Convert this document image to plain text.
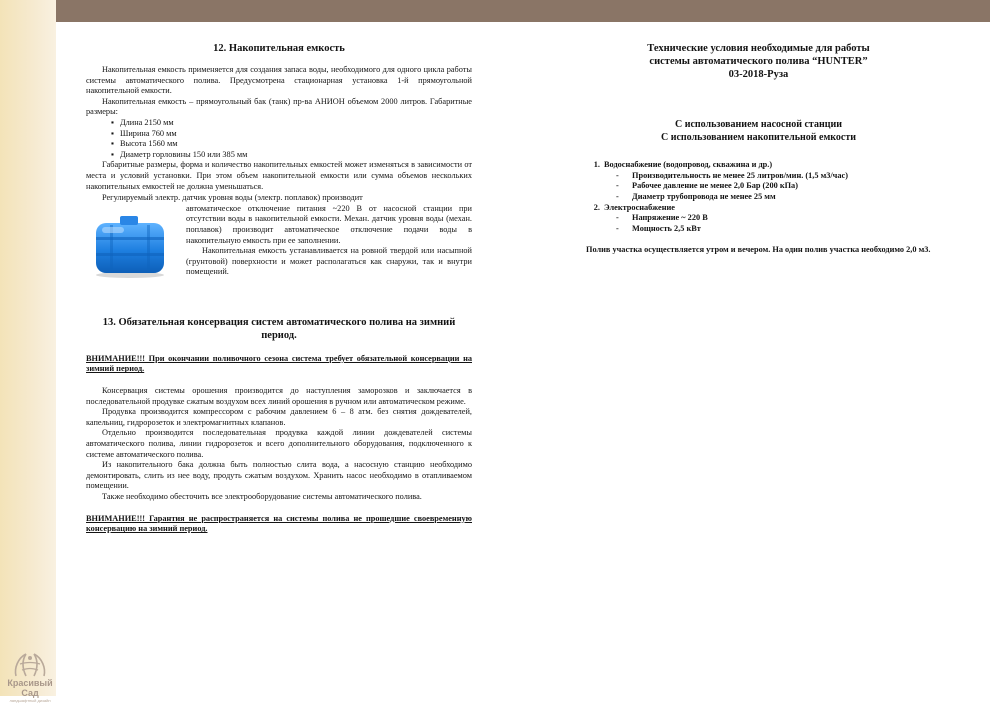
Красивый Сад
ландшафтный дизайн
12. Накопительная емкость

Накопительная емкость применяется для создания запаса воды, необходимого для одного цикла работы системы автоматического полива. Предусмотрена стационарная установка 1-й прямоугольной накопительной емкости.

Накопительная емкость – прямоугольный бак (танк) пр-ва АНИОН объемом 2000 литров. Габаритные размеры:

▪ Длина 2150 мм
▪ Ширина 760 мм
▪ Высота 1560 мм
▪ Диаметр горловины 150 или 385 мм

Габаритные размеры, форма и количество накопительных емкостей может изменяться в зависимости от места и условий установки. При этом объем накопительной емкости или сумма объемов нескольких накопительных емкостей не должна уменьшаться.

Регулируемый электр. датчик уровня воды (электр. поплавок) производит

автоматическое отключение питания ~220 В от насосной станции при отсутствии воды в накопительной емкости. Механ. датчик уровня воды (механ. поплавок) производит автоматическое отключение подачи воды в накопительную емкость при ее заполнении.

Накопительная емкость устанавливается на ровной твердой или насыпной (грунтовой) поверхности и может располагаться как снаружи, так и внутри помещений.

13. Обязательная консервация систем автоматического полива на зимний период.

ВНИМАНИЕ!!! При окончании поливочного сезона система требует обязательной консервации на зимний период.

Консервация системы орошения производится до наступления заморозков и заключается в последовательной продувке сжатым воздухом всех линий орошения в ручном или автоматическом режиме.

Продувка производится компрессором с рабочим давлением 6 – 8 атм. без снятия дождевателей, капельниц, гидророзеток и электромагнитных клапанов.

Отдельно производится последовательная продувка каждой линии дождевателей системы автоматического полива, линии гидророзеток и всего дополнительного оборудования, подключенного к системе автоматического полива.

Из накопительного бака должна быть полностью слита вода, а насосную станцию необходимо демонтировать, слить из нее воду, продуть сжатым воздухом. Хранить насос необходимо в отапливаемом помещении.

Также необходимо обесточить все электрооборудование системы автоматического полива.

ВНИМАНИЕ!!! Гарантия не распространяется на системы полива не прошедшие своевременную консервацию на зимний период.

Технические условия необходимые для работы

системы автоматического полива “HUNTER”

03-2018-Руза

С использованием насосной станции

С использованием накопительной емкости

1. Водоснабжение (водопровод, скважина и др.)
- Производительность не менее 25 литров/мин. (1,5 м3/час)
- Рабочее давление не менее 2,0 Бар (200 кПа)
- Диаметр трубопровода не менее 25 мм
2. Электроснабжение
- Напряжение ~ 220 В
- Мощность 2,5 кВт

Полив участка осуществляется утром и вечером. На один полив участка необходимо 2,0 м3.
